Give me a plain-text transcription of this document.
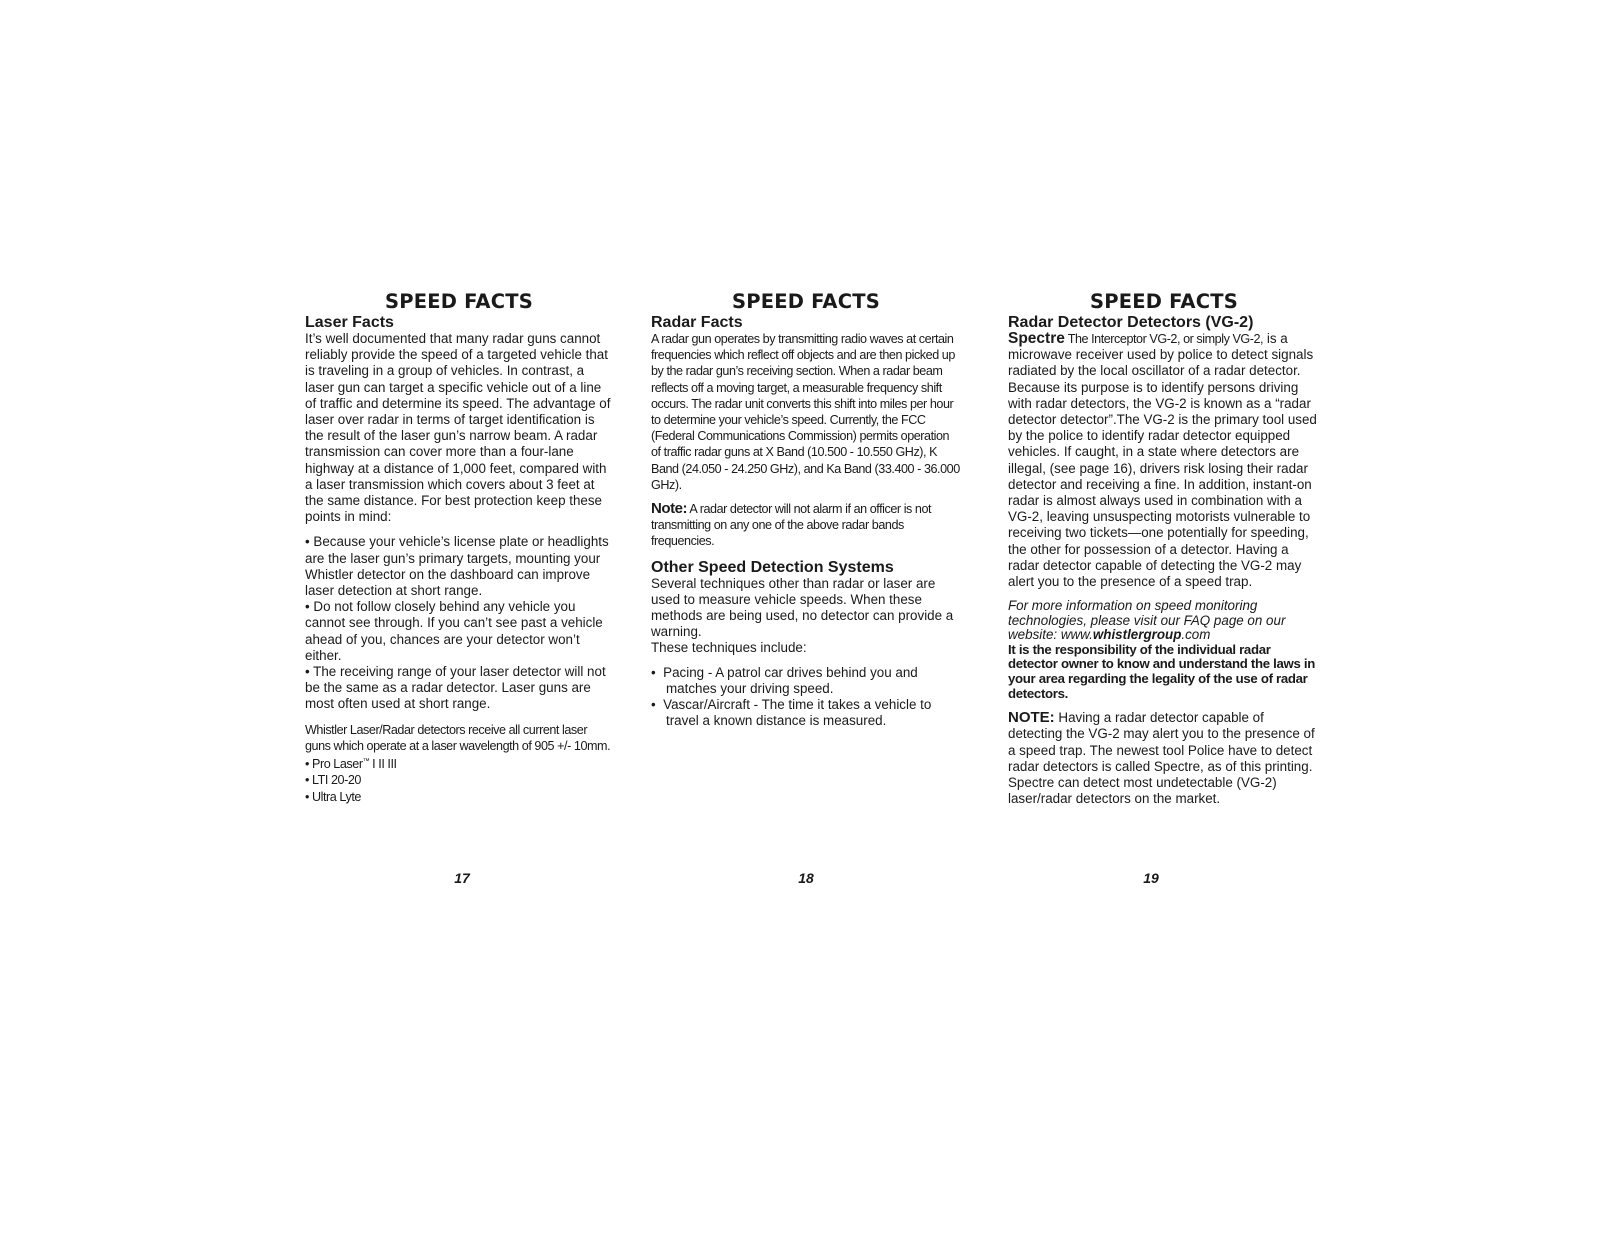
SPEED FACTS
Laser Facts

It’s well documented that many radar guns cannot reliably provide the speed of a targeted vehicle that is traveling in a group of vehicles. In contrast, a laser gun can target a specific vehicle out of a line of traffic and determine its speed. The advantage of laser over radar in terms of target identification is the result of the laser gun’s narrow beam. A radar transmission can cover more than a four-lane highway at a distance of 1,000 feet, compared with a laser transmission which covers about 3 feet at the same distance. For best protection keep these points in mind:

• Because your vehicle’s license plate or headlights are the laser gun’s primary targets, mounting your Whistler detector on the dashboard can improve laser detection at short range.

• Do not follow closely behind any vehicle you cannot see through. If you can’t see past a vehicle ahead of you, chances are your detector won’t either.

• The receiving range of your laser detector will not be the same as a radar detector. Laser guns are most often used at short range.

Whistler Laser/Radar detectors receive all current laser guns which operate at a laser wavelength of 905 +/- 10mm.

• Pro Laser™ I II III

• LTI 20-20

• Ultra Lyte

SPEED FACTS
Radar Facts

A radar gun operates by transmitting radio waves at certain frequencies which reflect off objects and are then picked up by the radar gun’s receiving section. When a radar beam reflects off a moving target, a measurable frequency shift occurs. The radar unit converts this shift into miles per hour to determine your vehicle’s speed. Currently, the FCC (Federal Communications Commission) permits operation of traffic radar guns at X Band (10.500 - 10.550 GHz), K Band (24.050 - 24.250 GHz), and Ka Band (33.400 - 36.000 GHz).

Note: A radar detector will not alarm if an officer is not transmitting on any one of the above radar bands frequencies.

Other Speed Detection Systems

Several techniques other than radar or laser are used to measure vehicle speeds. When these methods are being used, no detector can provide a warning.

These techniques include:

•  Pacing - A patrol car drives behind you and matches your driving speed.

•  Vascar/Aircraft - The time it takes a vehicle to travel a known distance is measured.

SPEED FACTS
Radar Detector Detectors (VG-2)

Spectre The Interceptor VG-2, or simply VG-2, is a microwave receiver used by police to detect signals radiated by the local oscillator of a radar detector. Because its purpose is to identify persons driving with radar detectors, the VG-2 is known as a “radar detector detector”.The VG-2 is the primary tool used by the police to identify radar detector equipped vehicles. If caught, in a state where detectors are illegal, (see page 16), drivers risk losing their radar detector and receiving a fine. In addition, instant-on radar is almost always used in combination with a VG-2, leaving unsuspecting motorists vulnerable to receiving two tickets—one potentially for speeding, the other for possession of a detector. Having a radar detector capable of detecting the VG-2 may alert you to the presence of a speed trap.

For more information on speed monitoring technologies, please visit our FAQ page on our website: www.whistlergroup.com

It is the responsibility of the individual radar detector owner to know and understand the laws in your area regarding the legality of the use of radar detectors.

NOTE: Having a radar detector capable of detecting the VG-2 may alert you to the presence of a speed trap. The newest tool Police have to detect radar detectors is called Spectre, as of this printing. Spectre can detect most undetectable (VG-2) laser/radar detectors on the market.

17	18	19
